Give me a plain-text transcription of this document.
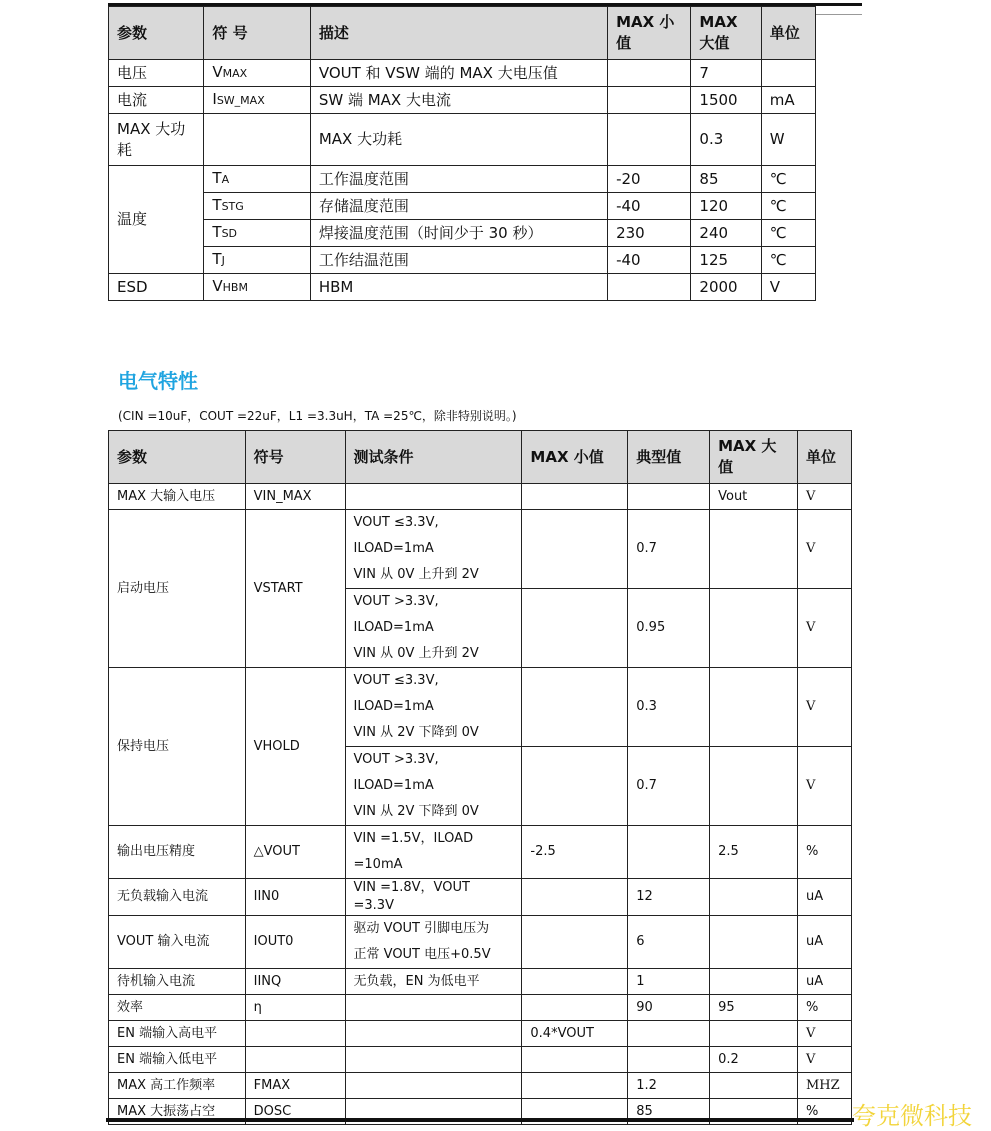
参数	符 号	描述	MAX 小值	MAX 大值	单位
电压	VMAX	VOUT 和 VSW 端的 MAX 大电压值		7	
电流	ISW_MAX	SW 端 MAX 大电流		1500	mA
MAX 大功耗		MAX 大功耗		0.3	W
温度	TA	工作温度范围	-20	85	℃
	TSTG	存储温度范围	-40	120	℃
	TSD	焊接温度范围（时间少于 30 秒）	230	240	℃
	TJ	工作结温范围	-40	125	℃
ESD	VHBM	HBM		2000	V
电气特性
(CIN =10uF，COUT =22uF，L1 =3.3uH，TA =25℃，除非特别说明。)
参数	符号	测试条件	MAX 小值	典型值	MAX 大值	单位
MAX 大输入电压	VIN_MAX				Vout	V
启动电压	VSTART	VOUT ≤3.3V,
ILOAD=1mA
VIN 从 0V 上升到 2V		0.7		V

		VOUT >3.3V,
ILOAD=1mA
VIN 从 0V 上升到 2V		0.95		V
保持电压	VHOLD	VOUT ≤3.3V,
ILOAD=1mA
VIN 从 2V 下降到 0V		0.3		V

		VOUT >3.3V,
ILOAD=1mA
VIN 从 2V 下降到 0V		0.7		V
输出电压精度	△VOUT	VIN =1.5V，ILOAD
=10mA	-2.5		2.5	%
无负载输入电流	IIN0	VIN =1.8V，VOUT =3.3V		12		uA
VOUT 输入电流	IOUT0	驱动 VOUT 引脚电压为
正常 VOUT 电压+0.5V		6		uA
待机输入电流	IINQ	无负载，EN 为低电平		1		uA
效率	η			90	95	%
EN 端输入高电平			0.4*VOUT			V
EN 端输入低电平					0.2	V
MAX 高工作频率	FMAX			1.2		MHZ
MAX 大振荡占空	DOSC			85		% 夸克微科技
